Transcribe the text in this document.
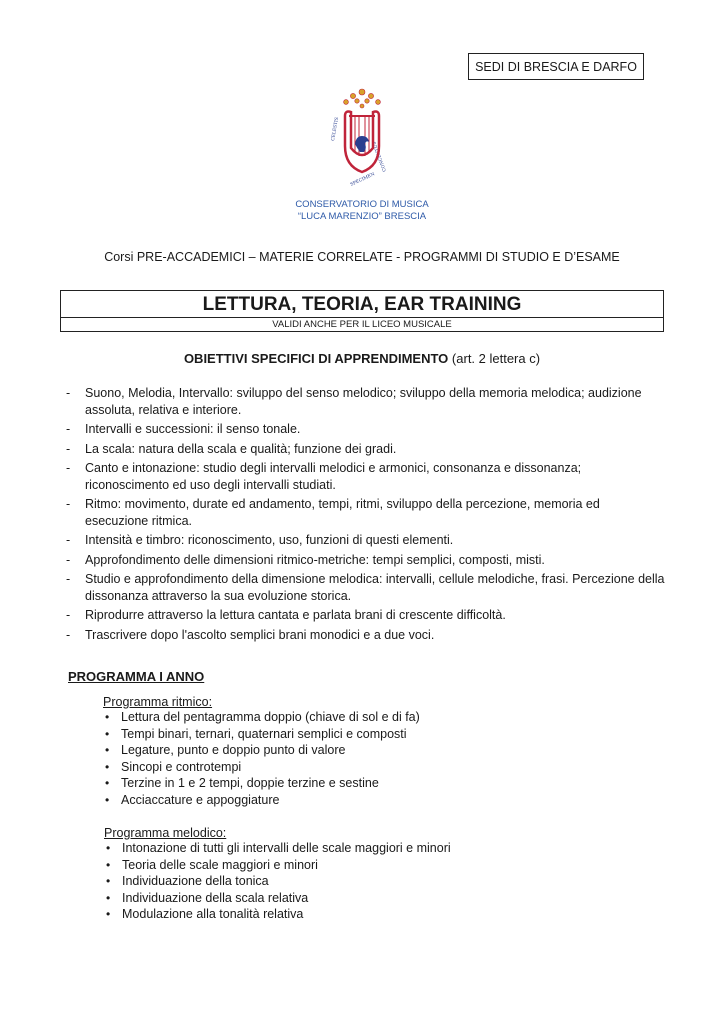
SEDI DI BRESCIA E DARFO
CELESTIS
SPECIMEN
CONCENTUS
CONSERVATORIO DI MUSICA
“LUCA MARENZIO” BRESCIA
Corsi PRE-ACCADEMICI – MATERIE CORRELATE - PROGRAMMI DI STUDIO E D’ESAME
LETTURA, TEORIA, EAR TRAINING
VALIDI ANCHE PER IL LICEO MUSICALE
OBIETTIVI SPECIFICI DI APPRENDIMENTO (art. 2 lettera c)
- Suono, Melodia, Intervallo: sviluppo del senso melodico; sviluppo della memoria melodica; audizione assoluta, relativa e interiore.
- Intervalli e successioni: il senso tonale.
- La scala: natura della scala e qualità; funzione dei gradi.
- Canto e intonazione: studio degli intervalli melodici e armonici, consonanza e dissonanza; riconoscimento ed uso degli intervalli studiati.
- Ritmo: movimento, durate ed andamento, tempi, ritmi, sviluppo della percezione, memoria ed esecuzione ritmica.
- Intensità e timbro: riconoscimento, uso, funzioni di questi elementi.
- Approfondimento delle dimensioni ritmico-metriche: tempi semplici, composti, misti.
- Studio e approfondimento della dimensione melodica: intervalli, cellule melodiche, frasi. Percezione della dissonanza attraverso la sua evoluzione storica.
- Riprodurre attraverso la lettura cantata e parlata brani di crescente difficoltà.
- Trascrivere dopo l'ascolto semplici brani monodici e a due voci.
PROGRAMMA I ANNO
Programma ritmico:
• Lettura del pentagramma doppio (chiave di sol e di fa)
• Tempi binari, ternari, quaternari semplici e composti
• Legature, punto e doppio punto di valore
• Sincopi e controtempi
• Terzine in 1 e 2 tempi, doppie terzine e sestine
• Acciaccature e appoggiature
Programma melodico:
• Intonazione di tutti gli intervalli delle scale maggiori e minori
• Teoria delle scale maggiori e minori
• Individuazione della tonica
• Individuazione della scala relativa
• Modulazione alla tonalità relativa
